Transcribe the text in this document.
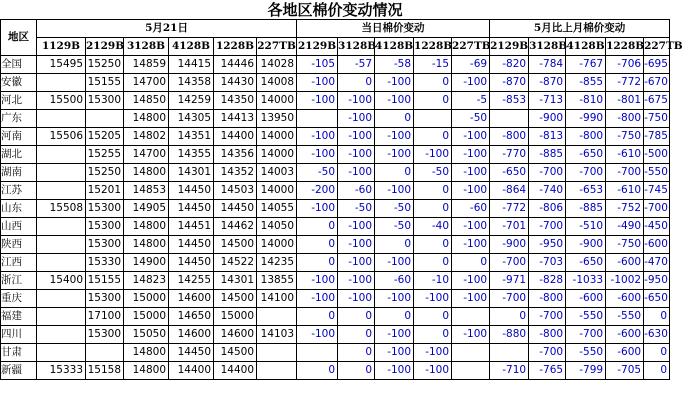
各地区棉价变动情况
地区	5月21日						当日棉价变动					5月比上月棉价变动				
	1129B	2129B	3128B	4128B	1228B	227TB	2129B	3128B	4128B	1228B	227TB	2129B	3128B	4128B	1228B	227TB
全国	15495	15250	14859	14415	14446	14028	-105	-57	-58	-15	-69	-820	-784	-767	-706	-695
安徽		15155	14700	14358	14430	14008	-100	0	-100	0	-100	-870	-870	-855	-772	-670
河北	15500	15300	14850	14259	14350	14000	-100	-100	-100	0	-5	-853	-713	-810	-801	-675
广东			14800	14305	14413	13950		-100	0		-50		-900	-990	-800	-750
河南	15506	15205	14802	14351	14400	14000	-100	-100	-100	0	-100	-800	-813	-800	-750	-785
湖北		15255	14700	14355	14356	14000	-100	-100	-100	-100	-100	-770	-885	-650	-610	-500
湖南		15250	14800	14301	14352	14003	-50	-100	0	-50	-100	-650	-700	-700	-700	-550
江苏		15201	14853	14450	14503	14000	-200	-60	-100	0	-100	-864	-740	-653	-610	-745
山东	15508	15300	14905	14450	14450	14055	-100	-50	-50	0	-60	-772	-806	-885	-752	-700
山西		15300	14800	14451	14462	14050	0	-100	-50	-40	-100	-701	-700	-510	-490	-450
陕西		15300	14800	14450	14500	14000	0	-100	0	0	-100	-900	-950	-900	-750	-600
江西		15330	14900	14450	14522	14235	0	-100	-100	0	0	-700	-703	-650	-600	-470
浙江	15400	15155	14823	14255	14301	13855	-100	-100	-60	-10	-100	-971	-828	-1033	-1002	-950
重庆		15300	15000	14600	14500	14100	-100	-100	-100	-100	-100	-700	-800	-600	-600	-650
福建		17100	15000	14650	15000		0	0	0	0		0	-700	-550	-550	0
四川		15300	15050	14600	14600	14103	-100	0	-100	0	-100	-880	-800	-700	-600	-630
甘肃			14800	14450	14500			0	-100	-100			-700	-550	-600	0
新疆	15333	15158	14800	14400	14400		0	0	-100	-100		-710	-765	-799	-705	0
